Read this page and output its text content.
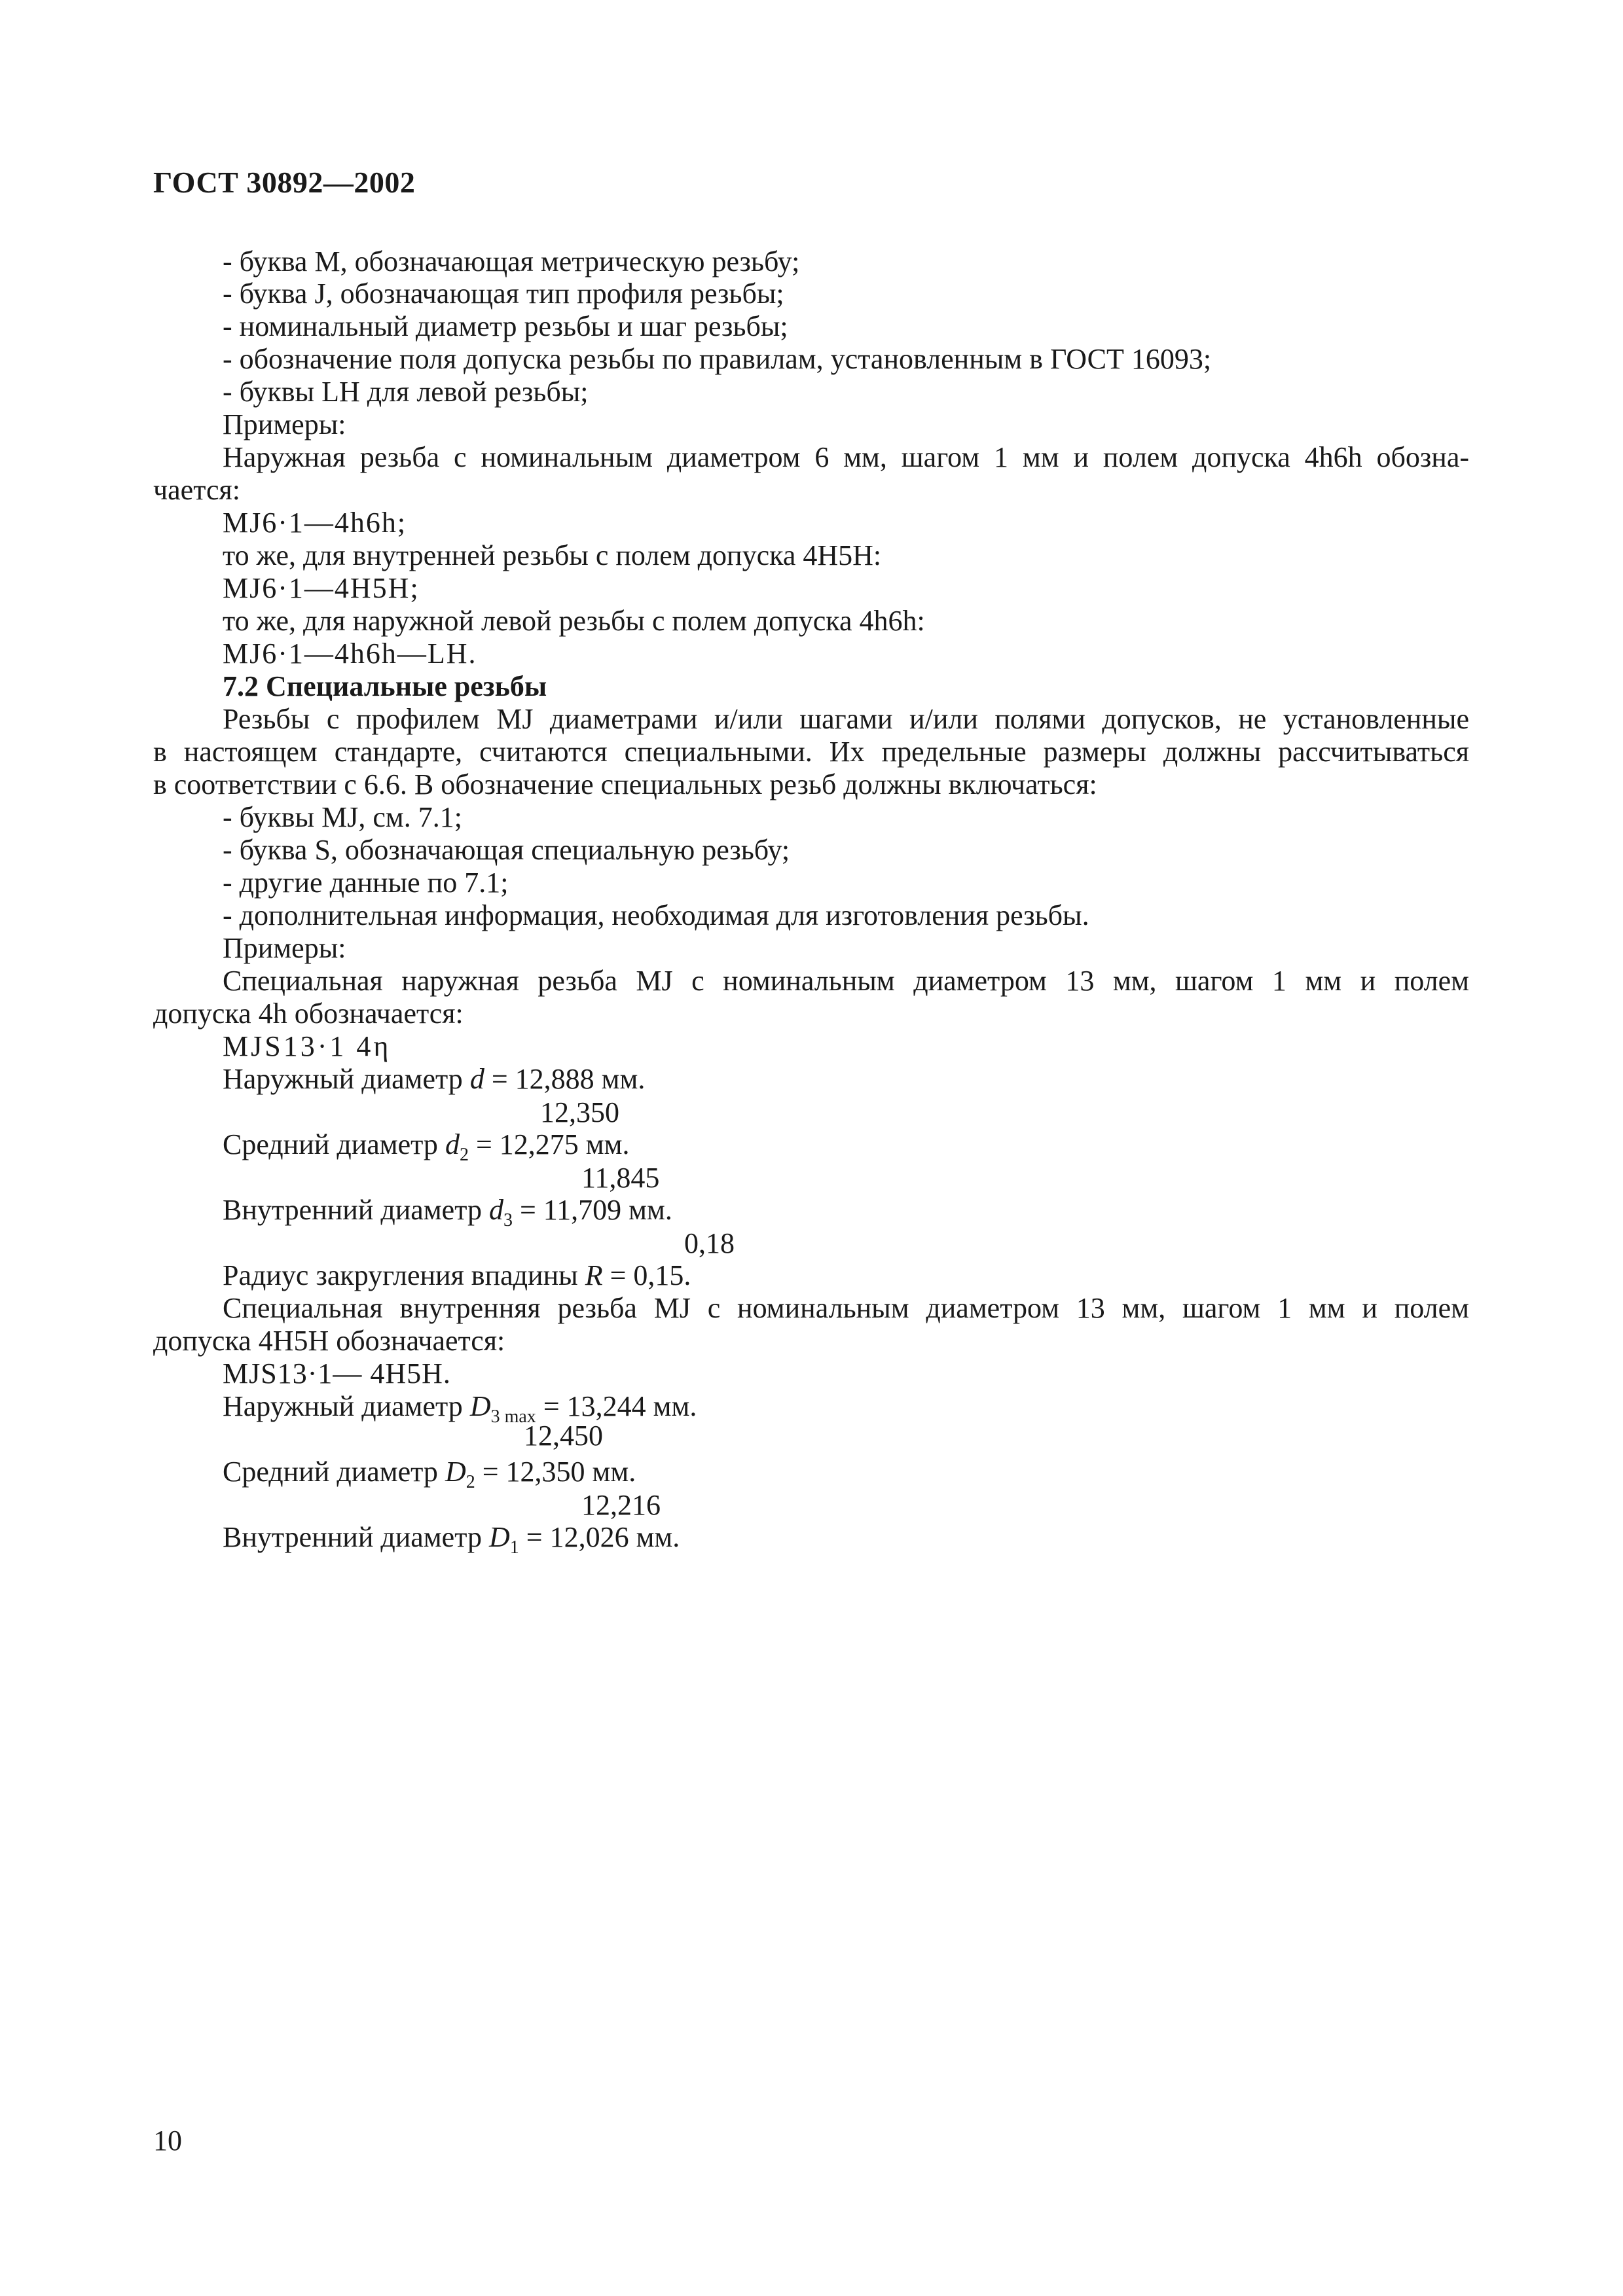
ГОСТ 30892—2002
- буква М, обозначающая метрическую резьбу;
- буква J, обозначающая тип профиля резьбы;
- номинальный диаметр резьбы и шаг резьбы;
- обозначение поля допуска резьбы по правилам, установленным в ГОСТ 16093;
- буквы LH для левой резьбы;
Примеры:
Наружная резьба с номинальным диаметром 6 мм, шагом 1 мм и полем допуска 4h6h обозна-
чается:
MJ6·1—4h6h;
то же, для внутренней резьбы с полем допуска 4Н5Н:
MJ6·1—4H5H;
то же, для наружной левой резьбы с полем допуска 4h6h:
MJ6·1—4h6h—LH.
7.2 Специальные резьбы
Резьбы с профилем MJ диаметрами и/или шагами и/или полями допусков, не установленные
в настоящем стандарте, считаются специальными. Их предельные размеры должны рассчитываться
в соответствии с 6.6. В обозначение специальных резьб должны включаться:
- буквы MJ, см. 7.1;
- буква S, обозначающая специальную резьбу;
- другие данные по 7.1;
- дополнительная информация, необходимая для изготовления резьбы.
Примеры:
Специальная наружная резьба MJ с номинальным диаметром 13 мм, шагом 1 мм и полем
допуска 4h обозначается:
MJS13·1 4η
Наружный диаметр d = 12,888 мм.
12,350
Средний диаметр $d_2 = 12,275$ мм.
11,845
Внутренний диаметр $d_3 = 11,709$ мм.
0,18
Радиус закругления впадины R = 0,15.
Специальная внутренняя резьба MJ с номинальным диаметром 13 мм, шагом 1 мм и полем
допуска 4Н5Н обозначается:
MJS13·1— 4H5H.
Наружный диаметр $D_{3 max} = 13,244$ мм.
12,450
Средний диаметр $D_2 = 12,350$ мм.
12,216
Внутренний диаметр $D_1 = 12,026$ мм.
10
